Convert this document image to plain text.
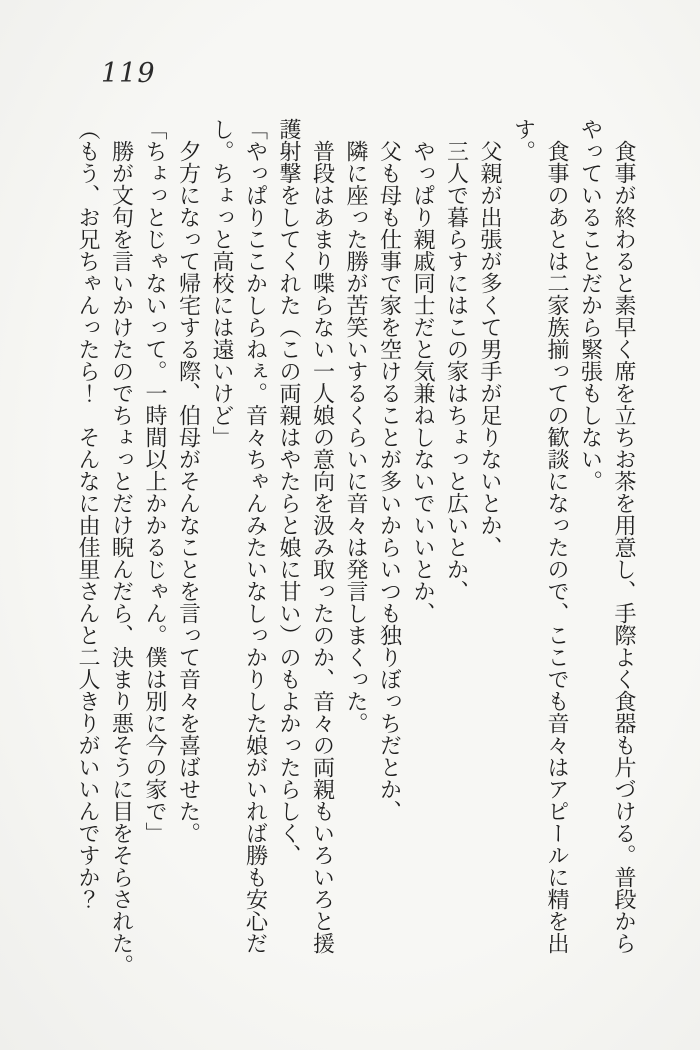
119

　食事が終わると素早く席を立ちお茶を用意し、手際よく食器も片づける。普段から

やっていることだから緊張もしない。

　食事のあとは二家族揃っての歓談になったので、ここでも音々はアピールに精を出

す。

　父親が出張が多くて男手が足りないとか、

　三人で暮らすにはこの家はちょっと広いとか、

　やっぱり親戚同士だと気兼ねしないでいいとか、

　父も母も仕事で家を空けることが多いからいつも独りぼっちだとか、

　隣に座った勝が苦笑いするくらいに音々は発言しまくった。

　普段はあまり喋らない一人娘の意向を汲み取ったのか、音々の両親もいろいろと援

護射撃をしてくれた（この両親はやたらと娘に甘い）のもよかったらしく、

「やっぱりここかしらねぇ。音々ちゃんみたいなしっかりした娘がいれば勝も安心だ

し。ちょっと高校には遠いけど」

　夕方になって帰宅する際、伯母がそんなことを言って音々を喜ばせた。

「ちょっとじゃないって。一時間以上かかるじゃん。僕は別に今の家で」

　勝が文句を言いかけたのでちょっとだけ睨んだら、決まり悪そうに目をそらされた。

（もう、お兄ちゃんったら！　そんなに由佳里さんと二人きりがいいんですか？
